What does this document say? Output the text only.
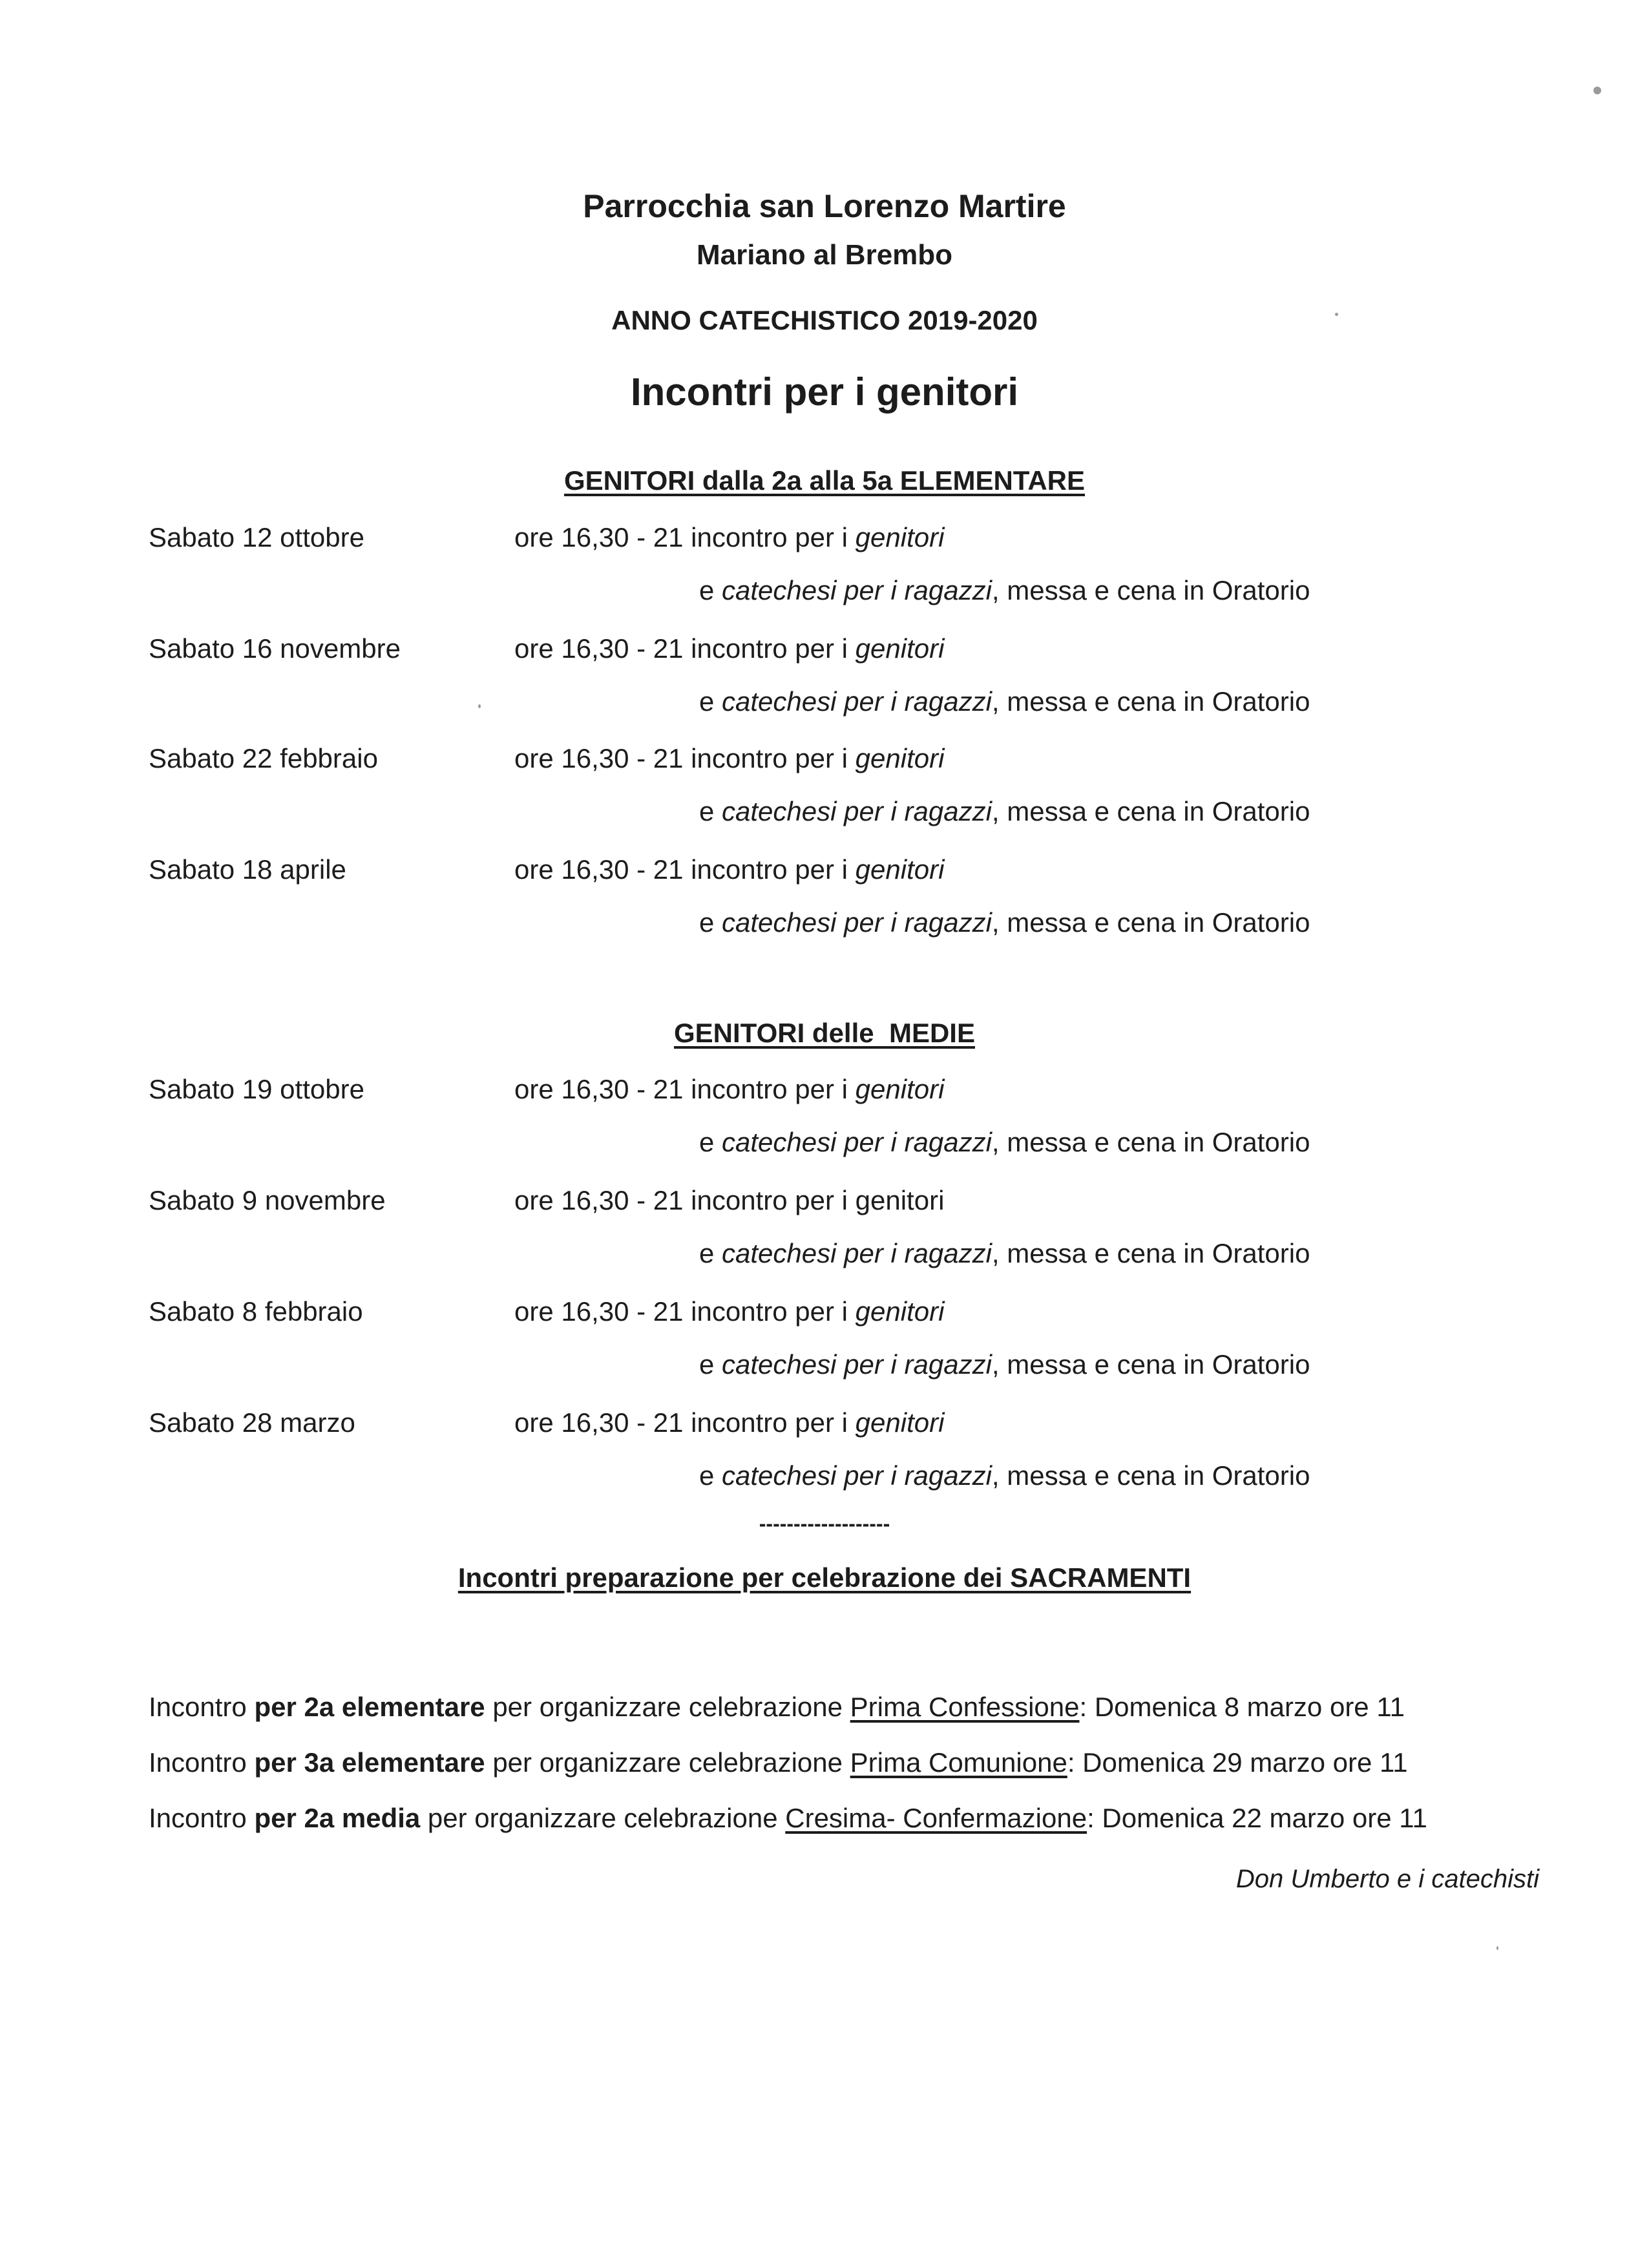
Parrocchia san Lorenzo Martire
Mariano al Brembo
ANNO CATECHISTICO 2019-2020
Incontri per i genitori
GENITORI dalla 2a alla 5a ELEMENTARE
Sabato 12 ottobre	ore 16,30 - 21 incontro per i genitori
e catechesi per i ragazzi, messa e cena in Oratorio
Sabato 16 novembre	ore 16,30 - 21 incontro per i genitori
e catechesi per i ragazzi, messa e cena in Oratorio
Sabato 22 febbraio	ore 16,30 - 21 incontro per i genitori
e catechesi per i ragazzi, messa e cena in Oratorio
Sabato 18 aprile	ore 16,30 - 21 incontro per i genitori
e catechesi per i ragazzi, messa e cena in Oratorio
GENITORI delle  MEDIE
Sabato 19 ottobre	ore 16,30 - 21 incontro per i genitori
e catechesi per i ragazzi, messa e cena in Oratorio
Sabato 9 novembre	ore 16,30 - 21 incontro per i genitori
e catechesi per i ragazzi, messa e cena in Oratorio
Sabato 8 febbraio	ore 16,30 - 21 incontro per i genitori
e catechesi per i ragazzi, messa e cena in Oratorio
Sabato 28 marzo	ore 16,30 - 21 incontro per i genitori
e catechesi per i ragazzi, messa e cena in Oratorio
-------------------
Incontri preparazione per celebrazione dei SACRAMENTI
Incontro per 2a elementare per organizzare celebrazione Prima Confessione: Domenica 8 marzo ore 11
Incontro per 3a elementare per organizzare celebrazione Prima Comunione: Domenica 29 marzo ore 11
Incontro per 2a media per organizzare celebrazione Cresima- Confermazione: Domenica 22 marzo ore 11
Don Umberto e i catechisti
